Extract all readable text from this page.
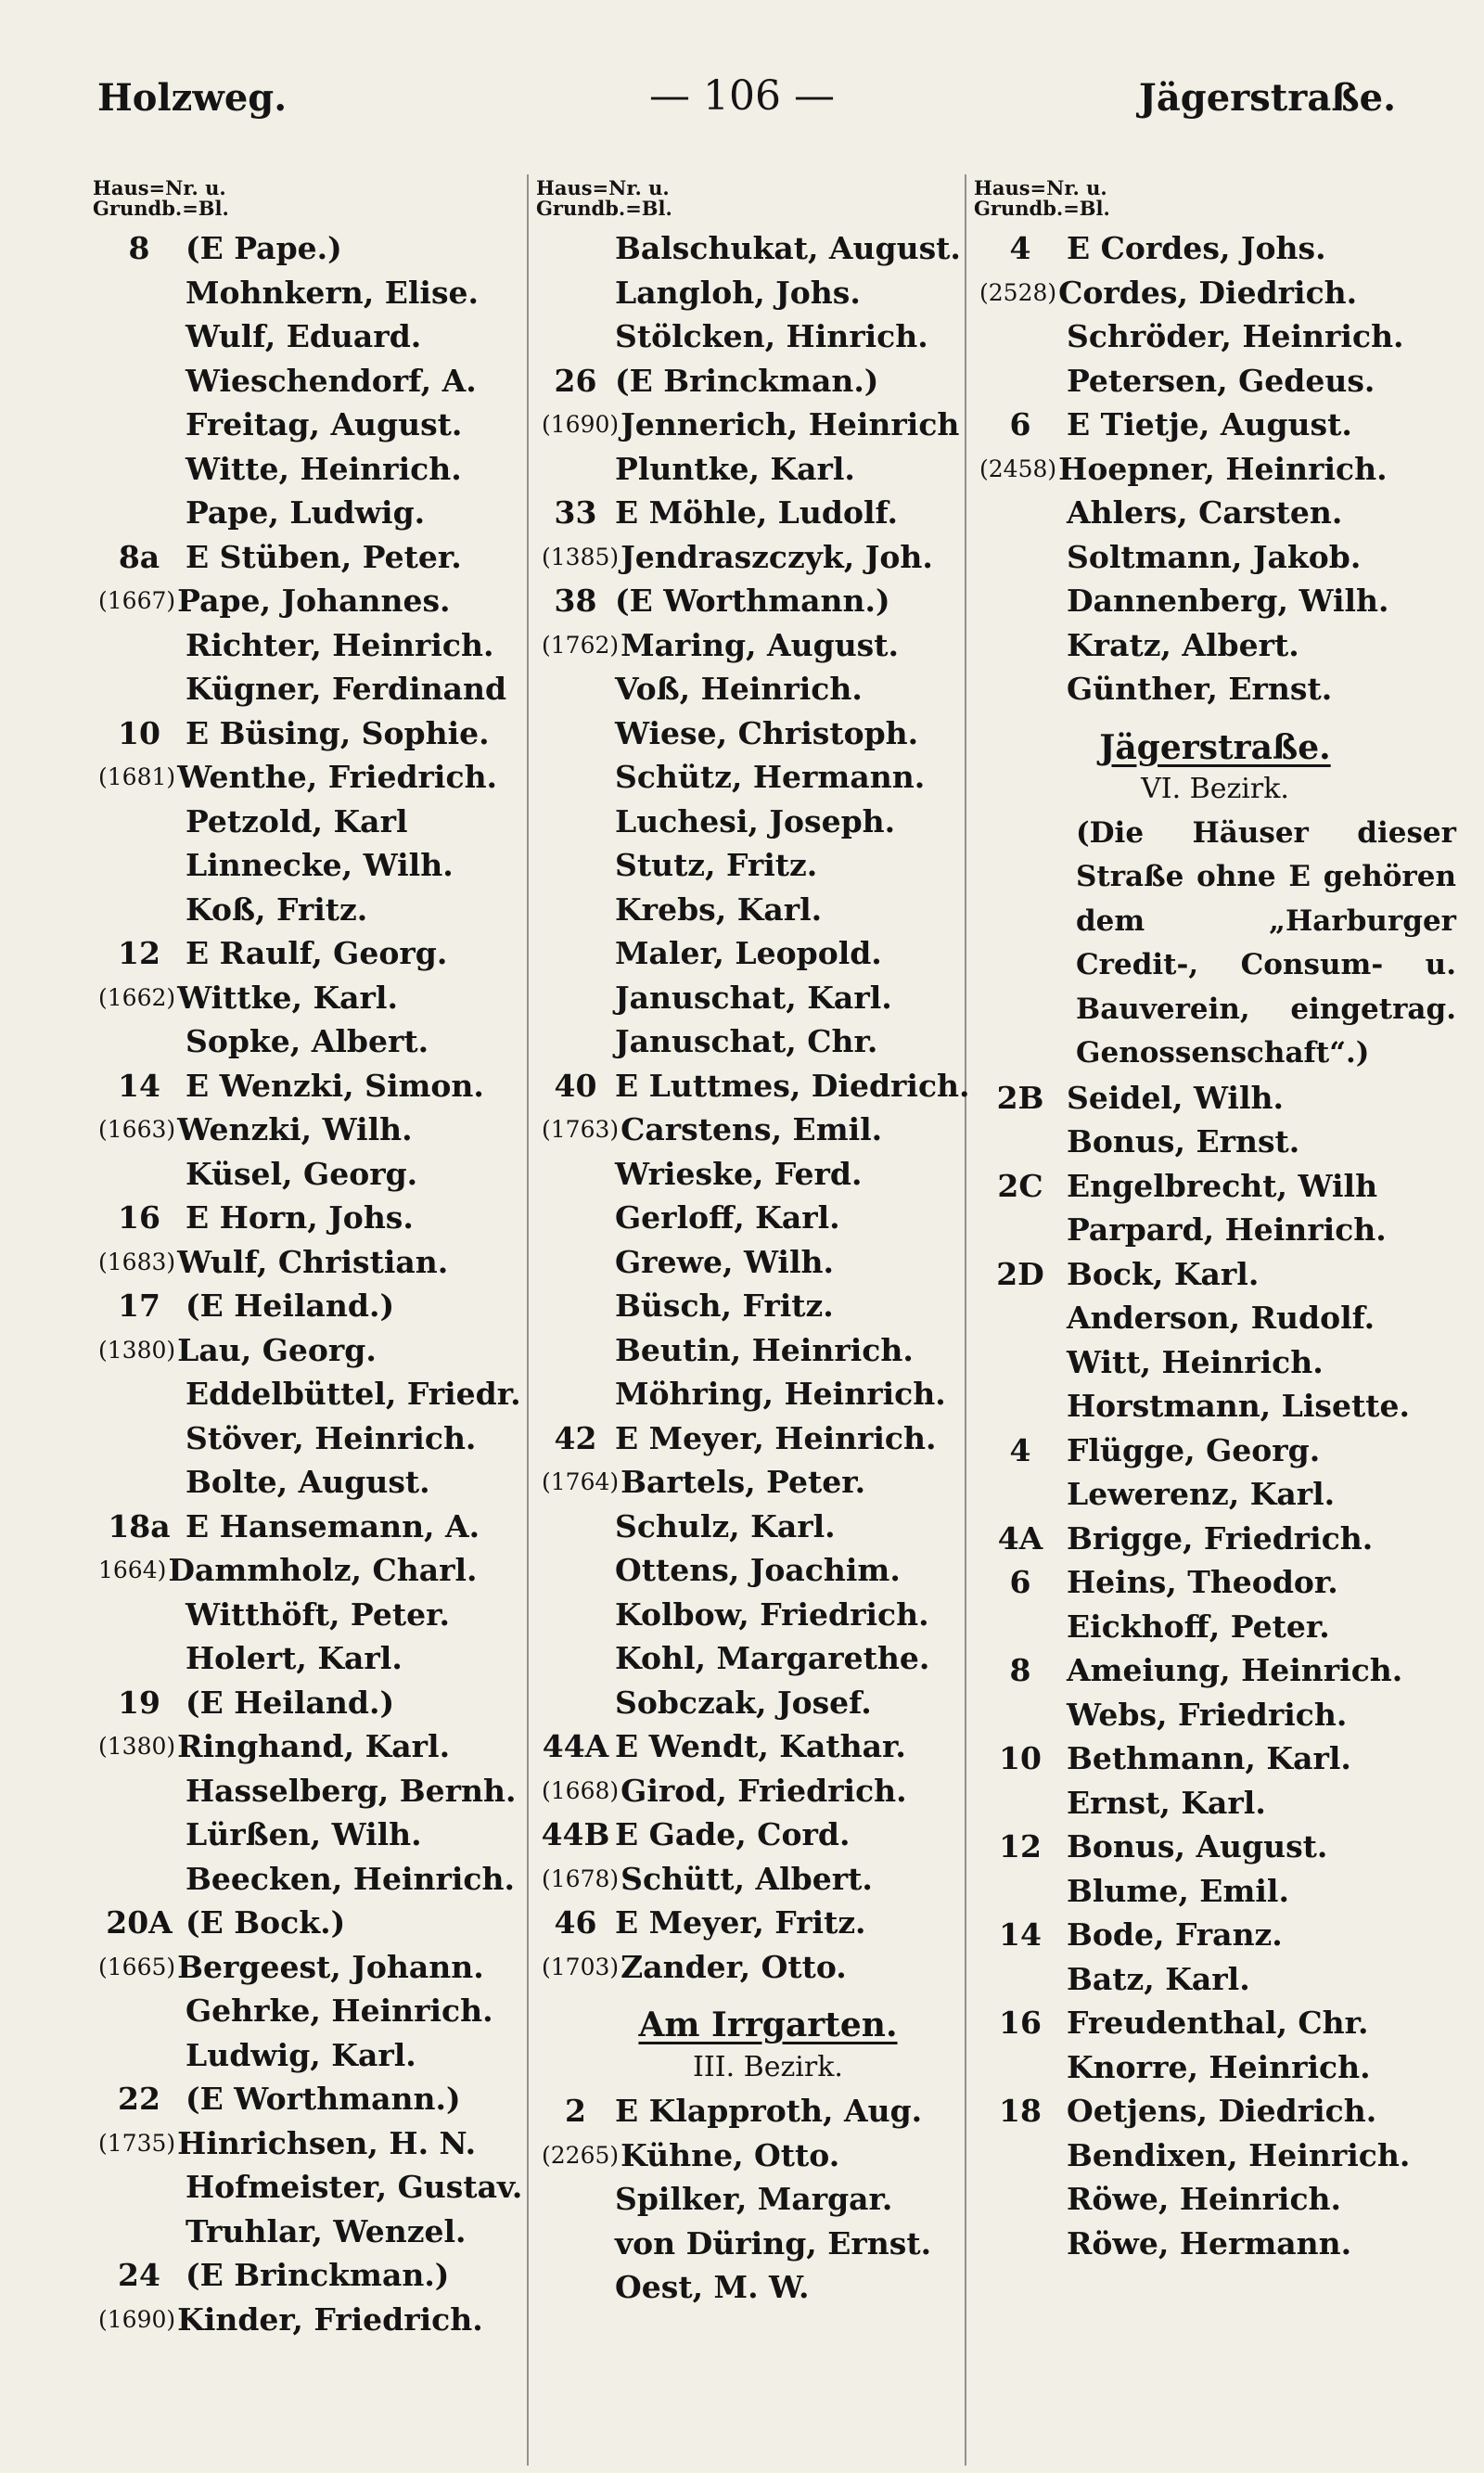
Holzweg.	— 106 —	Jägerstraße.
Haus=Nr. u.
Grundb.=Bl.
8	(E Pape.)
Mohnkern, Elise.
Wulf, Eduard.
Wieschendorf, A.
Freitag, August.
Witte, Heinrich.
Pape, Ludwig.
8a E Stüben, Peter.
(1667) Pape, Johannes.
Richter, Heinrich.
Kügner, Ferdinand
10 E Büsing, Sophie.
(1681) Wenthe, Friedrich.
Petzold, Karl
Linnecke, Wilh.
Koß, Fritz.
12 E Raulf, Georg.
(1662) Wittke, Karl.
Sopke, Albert.
14 E Wenzki, Simon.
(1663) Wenzki, Wilh.
Küsel, Georg.
16 E Horn, Johs.
(1683) Wulf, Christian.
17 (E Heiland.)
(1380) Lau, Georg.
Eddelbüttel, Friedr.
Stöver, Heinrich.
Bolte, August.
18a E Hansemann, A.
1664) Dammholz, Charl.
Witthöft, Peter.
Holert, Karl.
19 (E Heiland.)
(1380) Ringhand, Karl.
Hasselberg, Bernh.
Lürßen, Wilh.
Beecken, Heinrich.
20A (E Bock.)
(1665) Bergeest, Johann.
Gehrke, Heinrich.
Ludwig, Karl.
22 (E Worthmann.)
(1735) Hinrichsen, H. N.
Hofmeister, Gustav.
Truhlar, Wenzel.
24 (E Brinckman.)
(1690) Kinder, Friedrich.
Haus=Nr. u.
Grundb.=Bl.
Balschukat, August.
Langloh, Johs.
Stölcken, Hinrich.
26 (E Brinckman.)
(1690) Jennerich, Heinrich
Pluntke, Karl.
33 E Möhle, Ludolf.
(1385) Jendraszczyk, Joh.
38 (E Worthmann.)
(1762) Maring, August.
Voß, Heinrich.
Wiese, Christoph.
Schütz, Hermann.
Luchesi, Joseph.
Stutz, Fritz.
Krebs, Karl.
Maler, Leopold.
Januschat, Karl.
Januschat, Chr.
40 E Luttmes, Diedrich.
(1763) Carstens, Emil.
Wrieske, Ferd.
Gerloff, Karl.
Grewe, Wilh.
Büsch, Fritz.
Beutin, Heinrich.
Möhring, Heinrich.
42 E Meyer, Heinrich.
(1764) Bartels, Peter.
Schulz, Karl.
Ottens, Joachim.
Kolbow, Friedrich.
Kohl, Margarethe.
Sobczak, Josef.
44A E Wendt, Kathar.
(1668) Girod, Friedrich.
44B E Gade, Cord.
(1678) Schütt, Albert.
46 E Meyer, Fritz.
(1703) Zander, Otto.
Am Irrgarten.
III. Bezirk.
2 E Klapproth, Aug.
(2265) Kühne, Otto.
Spilker, Margar.
von Düring, Ernst.
Oest, M. W.
Haus=Nr. u.
Grundb.=Bl.
4	E Cordes, Johs.
(2528) Cordes, Diedrich.
Schröder, Heinrich.
Petersen, Gedeus.
6	E Tietje, August.
(2458) Hoepner, Heinrich.
Ahlers, Carsten.
Soltmann, Jakob.
Dannenberg, Wilh.
Kratz, Albert.
Günther, Ernst.
Jägerstraße.
VI. Bezirk.
(Die Häuser dieser Straße ohne E gehören dem „Harburger Credit-, Consum- u. Bauverein, eingetrag. Genossenschaft“.)
2B Seidel, Wilh.
Bonus, Ernst.
2C Engelbrecht, Wilh
Parpard, Heinrich.
2D Bock, Karl.
Anderson, Rudolf.
Witt, Heinrich.
Horstmann, Lisette.
4	Flügge, Georg.
Lewerenz, Karl.
4A Brigge, Friedrich.
6	Heins, Theodor.
Eickhoff, Peter.
8	Ameiung, Heinrich.
Webs, Friedrich.
10 Bethmann, Karl.
Ernst, Karl.
12 Bonus, August.
Blume, Emil.
14 Bode, Franz.
Batz, Karl.
16 Freudenthal, Chr.
Knorre, Heinrich.
18 Oetjens, Diedrich.
Bendixen, Heinrich.
Röwe, Heinrich.
Röwe, Hermann.
